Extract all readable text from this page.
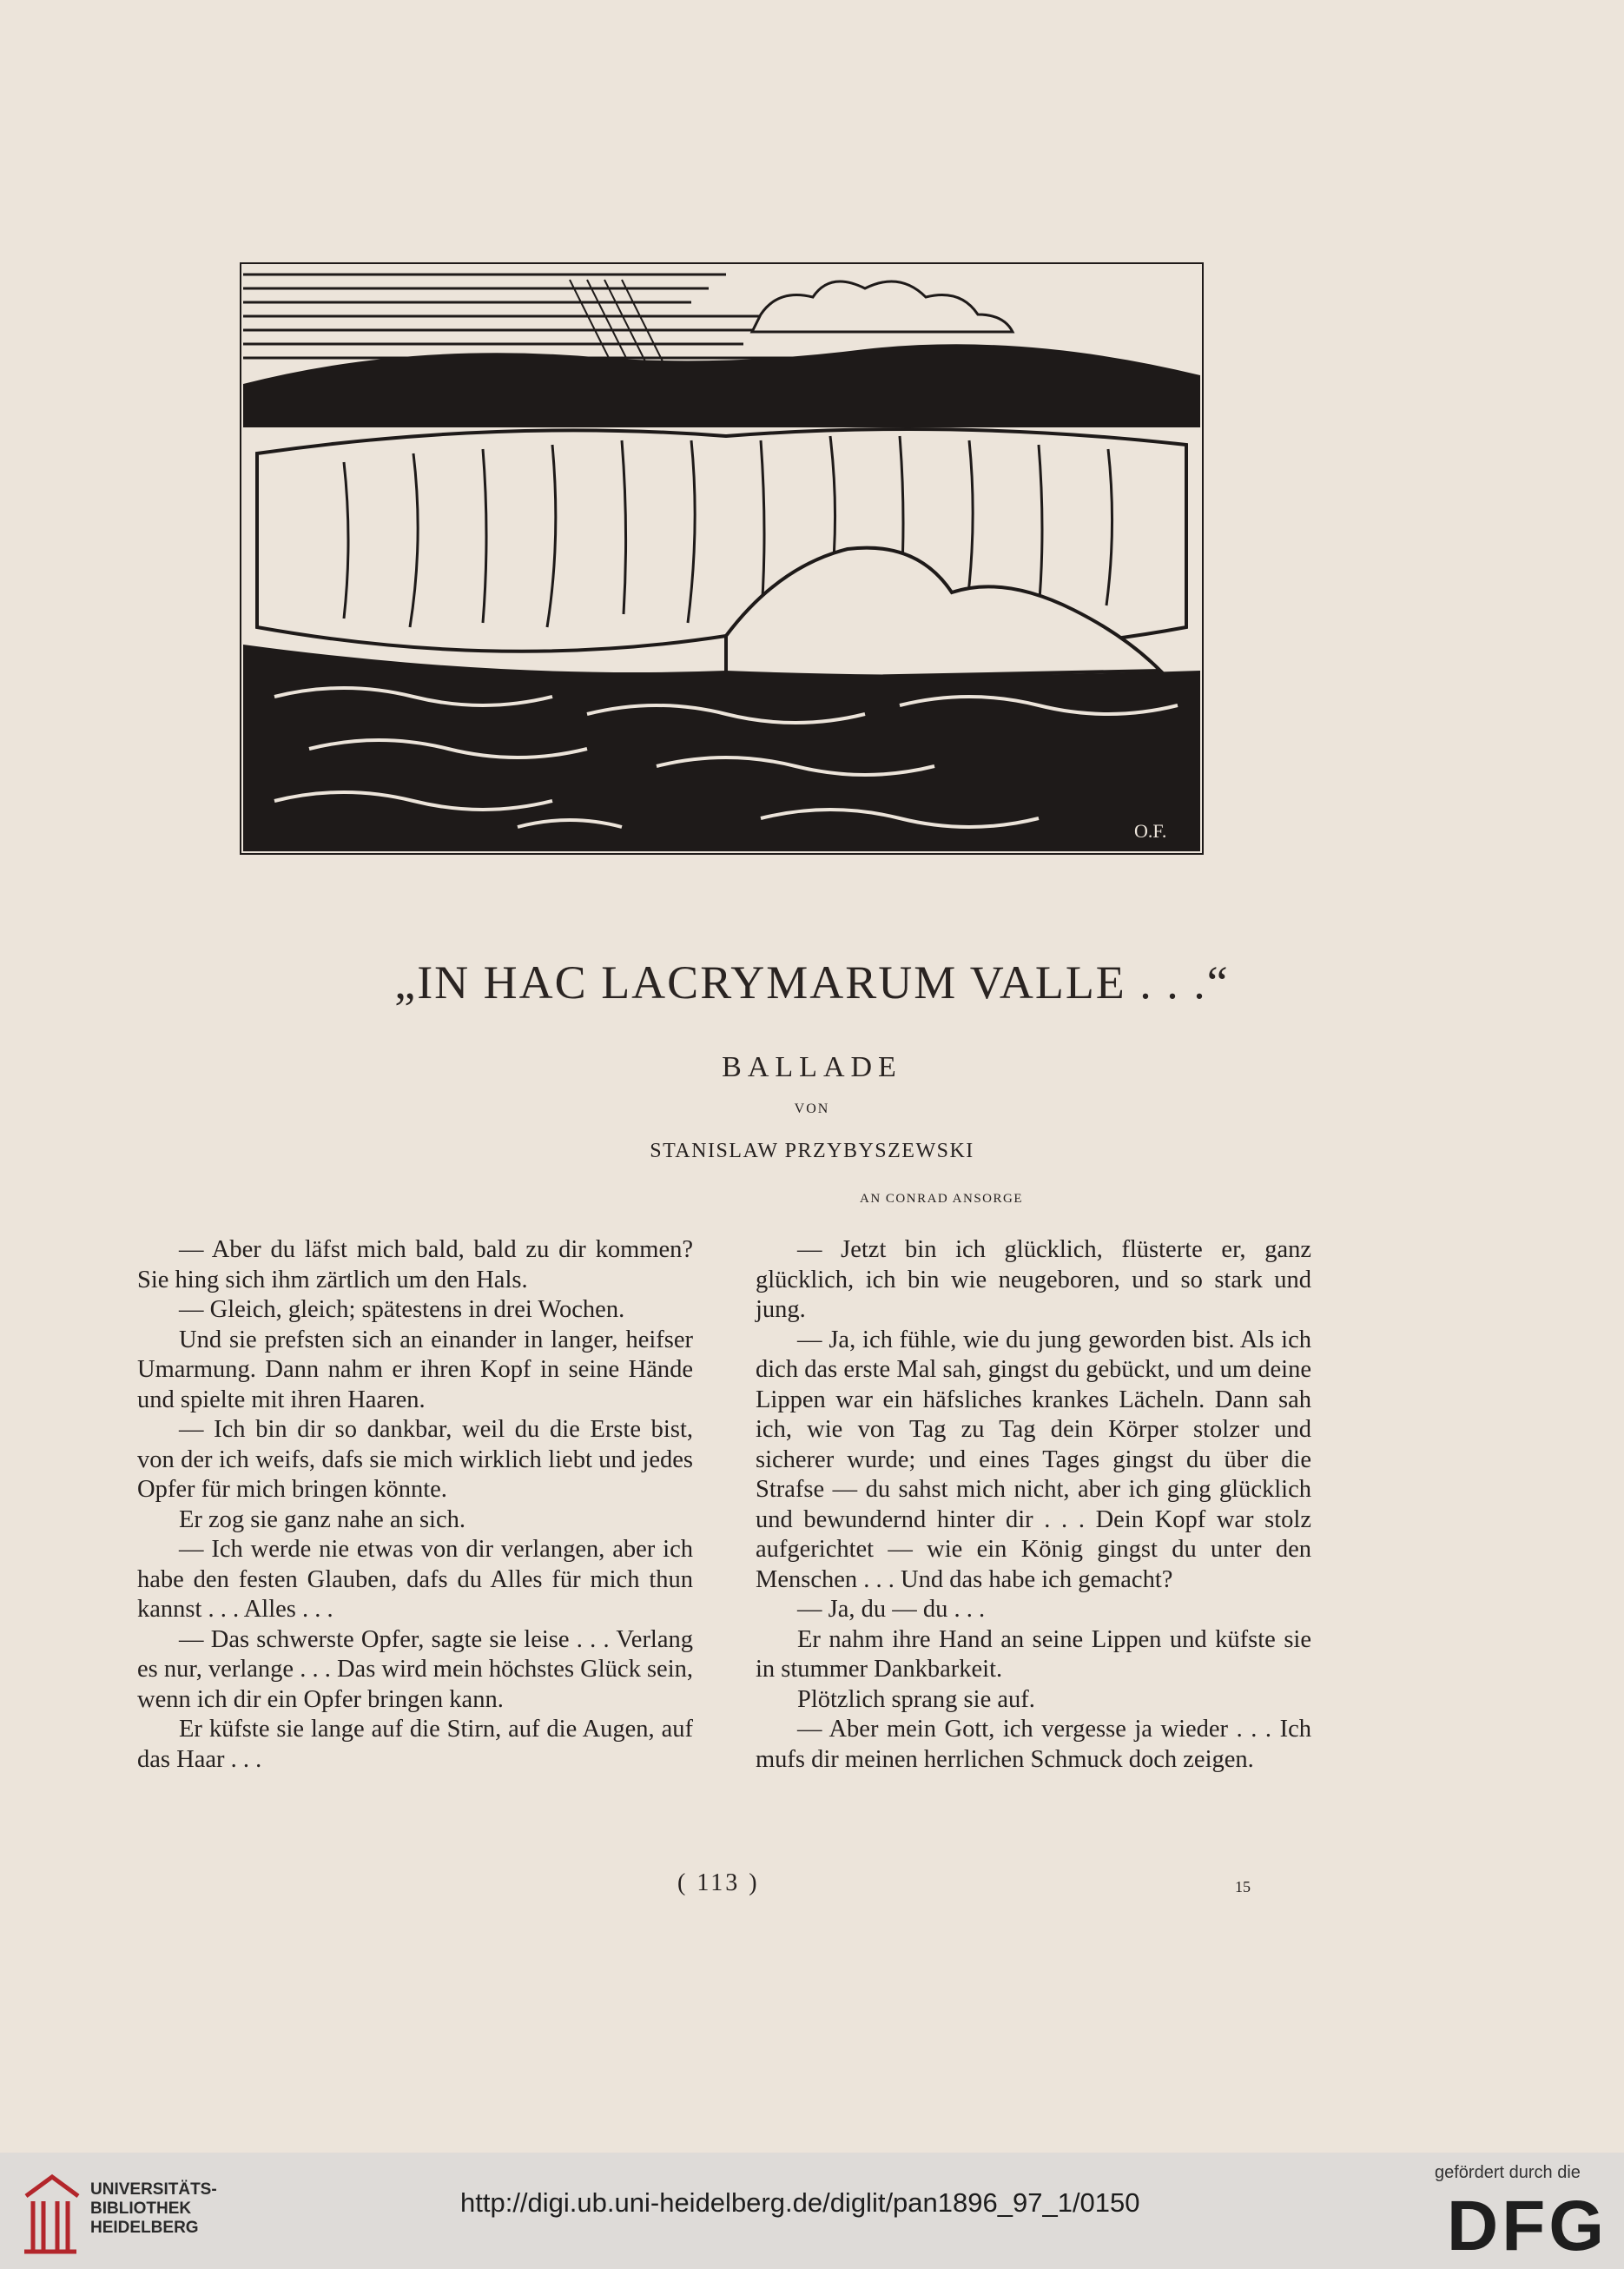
O.F.
„IN HAC LACRYMARUM VALLE . . .“
BALLADE
VON
STANISLAW PRZYBYSZEWSKI
AN CONRAD ANSORGE

— Aber du läfst mich bald, bald zu dir kommen? Sie hing sich ihm zärtlich um den Hals.

— Gleich, gleich; spätestens in drei Wochen.

Und sie prefsten sich an einander in langer, heifser Umarmung. Dann nahm er ihren Kopf in seine Hände und spielte mit ihren Haaren.

— Ich bin dir so dankbar, weil du die Erste bist, von der ich weifs, dafs sie mich wirklich liebt und jedes Opfer für mich bringen könnte.

Er zog sie ganz nahe an sich.

— Ich werde nie etwas von dir verlangen, aber ich habe den festen Glauben, dafs du Alles für mich thun kannst . . . Alles . . .

— Das schwerste Opfer, sagte sie leise . . . Verlang es nur, verlange . . . Das wird mein höchstes Glück sein, wenn ich dir ein Opfer bringen kann.

Er küfste sie lange auf die Stirn, auf die Augen, auf das Haar . . .

— Jetzt bin ich glücklich, flüsterte er, ganz glücklich, ich bin wie neugeboren, und so stark und jung.

— Ja, ich fühle, wie du jung geworden bist. Als ich dich das erste Mal sah, gingst du gebückt, und um deine Lippen war ein häfsliches krankes Lächeln. Dann sah ich, wie von Tag zu Tag dein Körper stolzer und sicherer wurde; und eines Tages gingst du über die Strafse — du sahst mich nicht, aber ich ging glücklich und bewundernd hinter dir . . . Dein Kopf war stolz aufgerichtet — wie ein König gingst du unter den Menschen . . . Und das habe ich gemacht?

— Ja, du — du . . .

Er nahm ihre Hand an seine Lippen und küfste sie in stummer Dankbarkeit.

Plötzlich sprang sie auf.

— Aber mein Gott, ich vergesse ja wieder . . . Ich mufs dir meinen herrlichen Schmuck doch zeigen.

( 113 )	15
UNIVERSITÄTS-
BIBLIOTHEK
HEIDELBERG
http://digi.ub.uni-heidelberg.de/diglit/pan1896_97_1/0150
gefördert durch die
DFG
